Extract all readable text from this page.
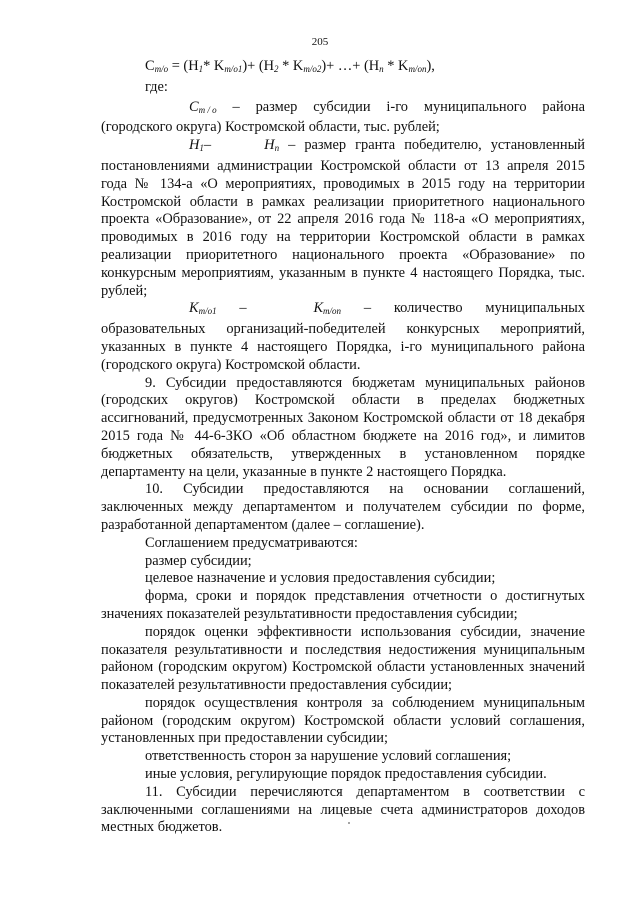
205

$C_{m/o} = (H_1*$ $K_{m/o1})+ (H_2 * K_{m/o2})+$ …+ $(H_n * K_{m/on})$,

где:

$C_{m / o}$ – размер субсидии i-го муниципального района (городского округа) Костромской области, тыс. рублей;

$H_1-$	$H_n$ – размер гранта победителю, установленный постановлениями администрации Костромской области от 13 апреля 2015 года № 134-а «О мероприятиях, проводимых в 2015 году на территории Костромской области в рамках реализации приоритетного национального проекта «Образование», от 22 апреля 2016 года № 118-а «О мероприятиях, проводимых в 2016 году на территории Костромской области в рамках реализации приоритетного национального проекта «Образование» по конкурсным мероприятиям, указанным в пункте 4 настоящего Порядка, тыс. рублей;

$K_{m/o1}$ –	$K_{m/on}$ – количество муниципальных образовательных организаций-победителей конкурсных мероприятий, указанных в пункте 4 настоящего Порядка, i-го муниципального района (городского округа) Костромской области.

9. Субсидии предоставляются бюджетам муниципальных районов (городских округов) Костромской области в пределах бюджетных ассигнований, предусмотренных Законом Костромской области от 18 декабря 2015 года № 44-6-ЗКО «Об областном бюджете на 2016 год», и лимитов бюджетных обязательств, утвержденных в установленном порядке департаменту на цели, указанные в пункте 2 настоящего Порядка.

10. Субсидии предоставляются на основании соглашений, заключенных между департаментом и получателем субсидии по форме, разработанной департаментом (далее – соглашение).

Соглашением предусматриваются:

размер субсидии;

целевое назначение и условия предоставления субсидии;

форма, сроки и порядок представления отчетности о достигнутых значениях показателей результативности предоставления субсидии;

порядок оценки эффективности использования субсидии, значение показателя результативности и последствия недостижения муниципальным районом (городским округом) Костромской области установленных значений показателей результативности предоставления субсидии;

порядок осуществления контроля за соблюдением муниципальным районом (городским округом) Костромской области условий соглашения, установленных при предоставлении субсидии;

ответственность сторон за нарушение условий соглашения;

иные условия, регулирующие порядок предоставления субсидии.

11. Субсидии перечисляются департаментом в соответствии с заключенными соглашениями на лицевые счета администраторов доходов местных бюджетов.
